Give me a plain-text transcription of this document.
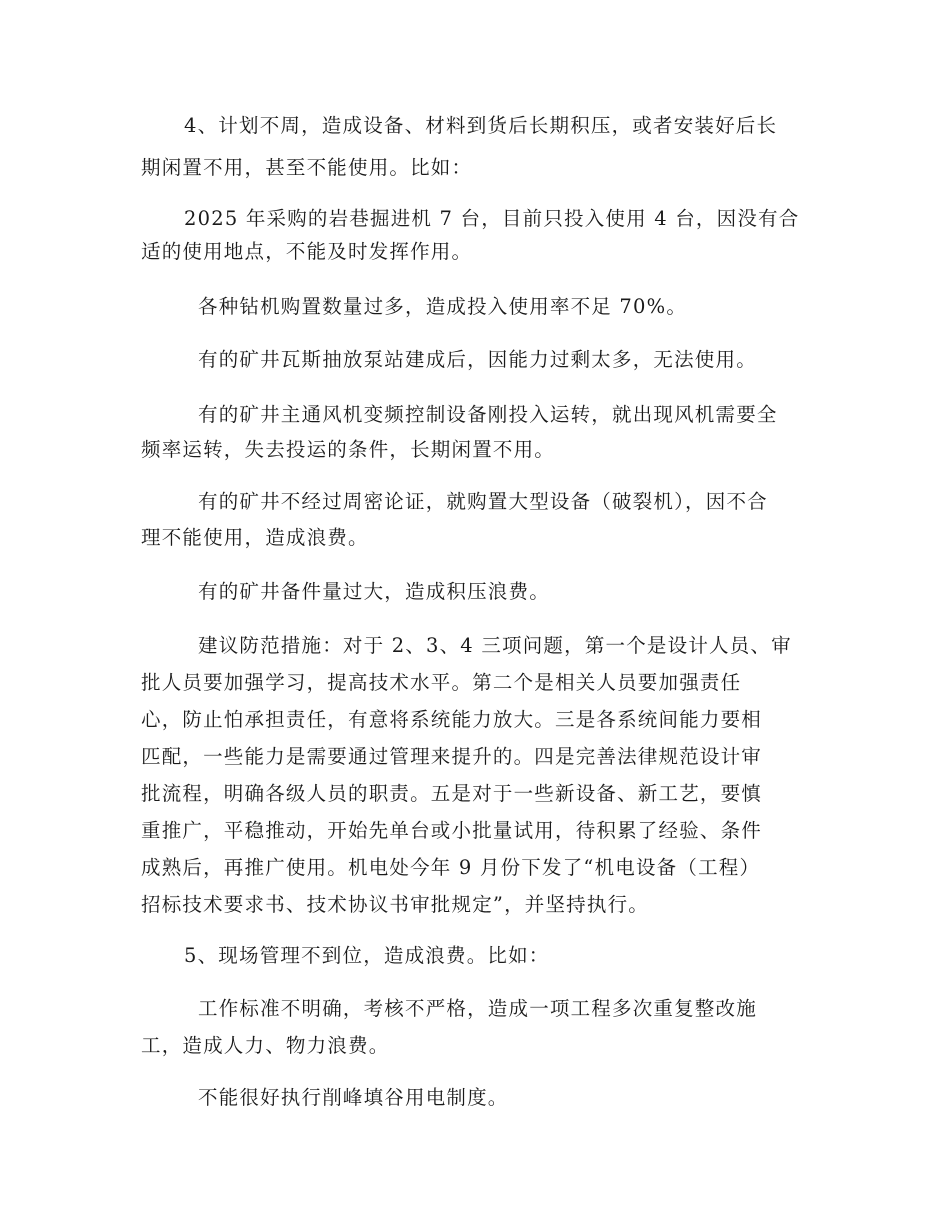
4、计划不周，造成设备、材料到货后长期积压，或者安装好后长
期闲置不用，甚至不能使用。比如：
2025 年采购的岩巷掘进机 7 台，目前只投入使用 4 台，因没有合
适的使用地点，不能及时发挥作用。
各种钻机购置数量过多，造成投入使用率不足 70%。
有的矿井瓦斯抽放泵站建成后，因能力过剩太多，无法使用。
有的矿井主通风机变频控制设备刚投入运转，就出现风机需要全
频率运转，失去投运的条件，长期闲置不用。
有的矿井不经过周密论证，就购置大型设备（破裂机），因不合
理不能使用，造成浪费。
有的矿井备件量过大，造成积压浪费。
建议防范措施：对于 2、3、4 三项问题，第一个是设计人员、审
批人员要加强学习，提高技术水平。第二个是相关人员要加强责任
心，防止怕承担责任，有意将系统能力放大。三是各系统间能力要相
匹配，一些能力是需要通过管理来提升的。四是完善法律规范设计审
批流程，明确各级人员的职责。五是对于一些新设备、新工艺，要慎
重推广，平稳推动，开始先单台或小批量试用，待积累了经验、条件
成熟后，再推广使用。机电处今年 9 月份下发了“机电设备（工程）
招标技术要求书、技术协议书审批规定”，并坚持执行。
5、现场管理不到位，造成浪费。比如：
工作标准不明确，考核不严格，造成一项工程多次重复整改施
工，造成人力、物力浪费。
不能很好执行削峰填谷用电制度。
